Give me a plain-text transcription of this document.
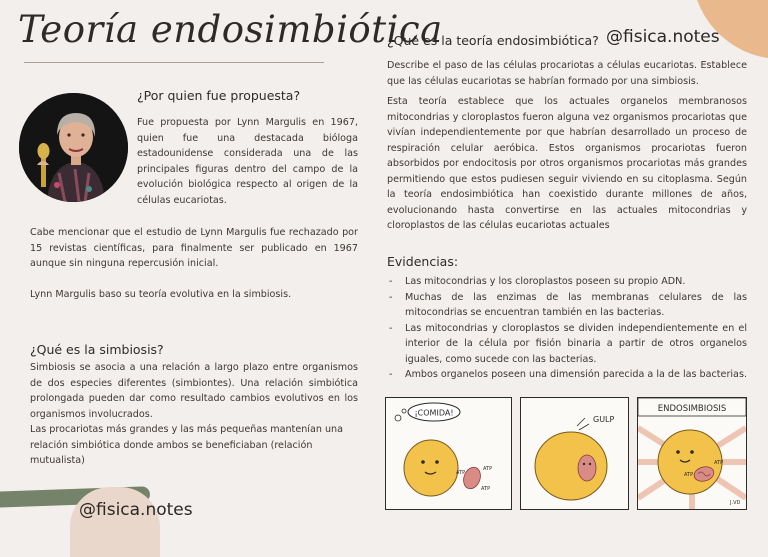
Teoría endosimbiótica
¿Por quien fue propuesta?
Fue propuesta por Lynn Margulis en 1967, quien fue una destacada bióloga estadounidense considerada una de las principales figuras dentro del campo de la evolución biológica respecto al origen de la células eucariotas.
Cabe mencionar que el estudio de Lynn Margulis fue rechazado por 15 revistas científicas, para finalmente ser publicado en 1967 aunque sin ninguna repercusión inicial.
Lynn Margulis baso su teoría evolutiva en la simbiosis.
¿Qué es la simbiosis?
Simbiosis se asocia a una relación a largo plazo entre organismos de dos especies diferentes (simbiontes). Una relación simbiótica prolongada pueden dar como resultado cambios evolutivos en los organismos involucrados.
Las procariotas más grandes y las más pequeñas mantenían una relación simbiótica donde ambos se beneficiaban (relación mutualista)
@fisica.notes
¿Qué es la teoría endosimbiótica? @fisica.notes
Describe el paso de las células procariotas a células eucariotas. Establece que las células eucariotas se habrían formado por una simbiosis.
Esta teoría establece que los actuales organelos membranosos mitocondrias y cloroplastos fueron alguna vez organismos procariotas que vivían independientemente por que habrían desarrollado un proceso de respiración celular aeróbica. Estos organismos procariotas fueron absorbidos por endocitosis por otros organismos procariotas más grandes permitiendo que estos pudiesen seguir viviendo en su citoplasma. Según la teoría endosimbiótica han coexistido durante millones de años, evolucionando hasta convertirse en las actuales mitocondrias y cloroplastos de las células eucariotas actuales
Evidencias:
- Las mitocondrias y los cloroplastos poseen su propio ADN.
- Muchas de las enzimas de las membranas celulares de las mitocondrias se encuentran también en las bacterias.
- Las mitocondrias y cloroplastos se dividen independientemente en el interior de la célula por fisión binaria a partir de otros organelos iguales, como sucede con las bacterias.
- Ambos organelos poseen una dimensión parecida a la de las bacterias.
¡COMIDA!
ATP
ATP
ATP
GULP
ENDOSIMBIOSIS
ATP
ATP
J.VD
